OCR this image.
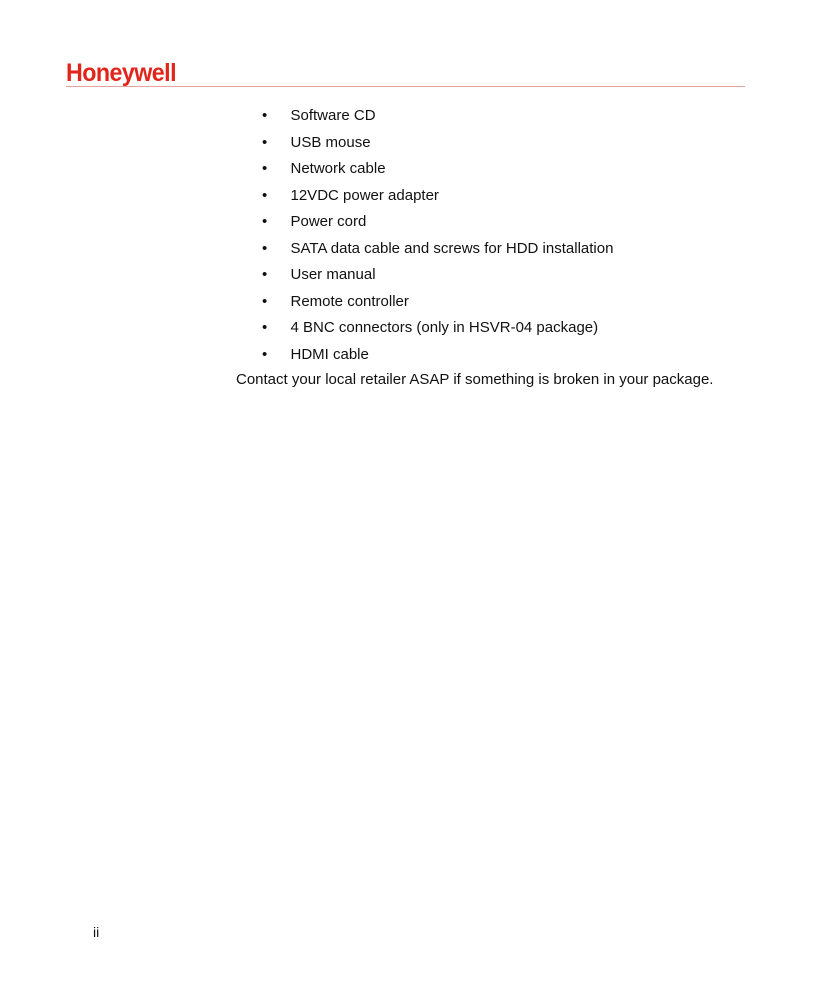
Honeywell
• Software CD
• USB mouse
• Network cable
• 12VDC power adapter
• Power cord
• SATA data cable and screws for HDD installation
• User manual
• Remote controller
• 4 BNC connectors (only in HSVR-04 package)
• HDMI cable
Contact your local retailer ASAP if something is broken in your package.
ii
